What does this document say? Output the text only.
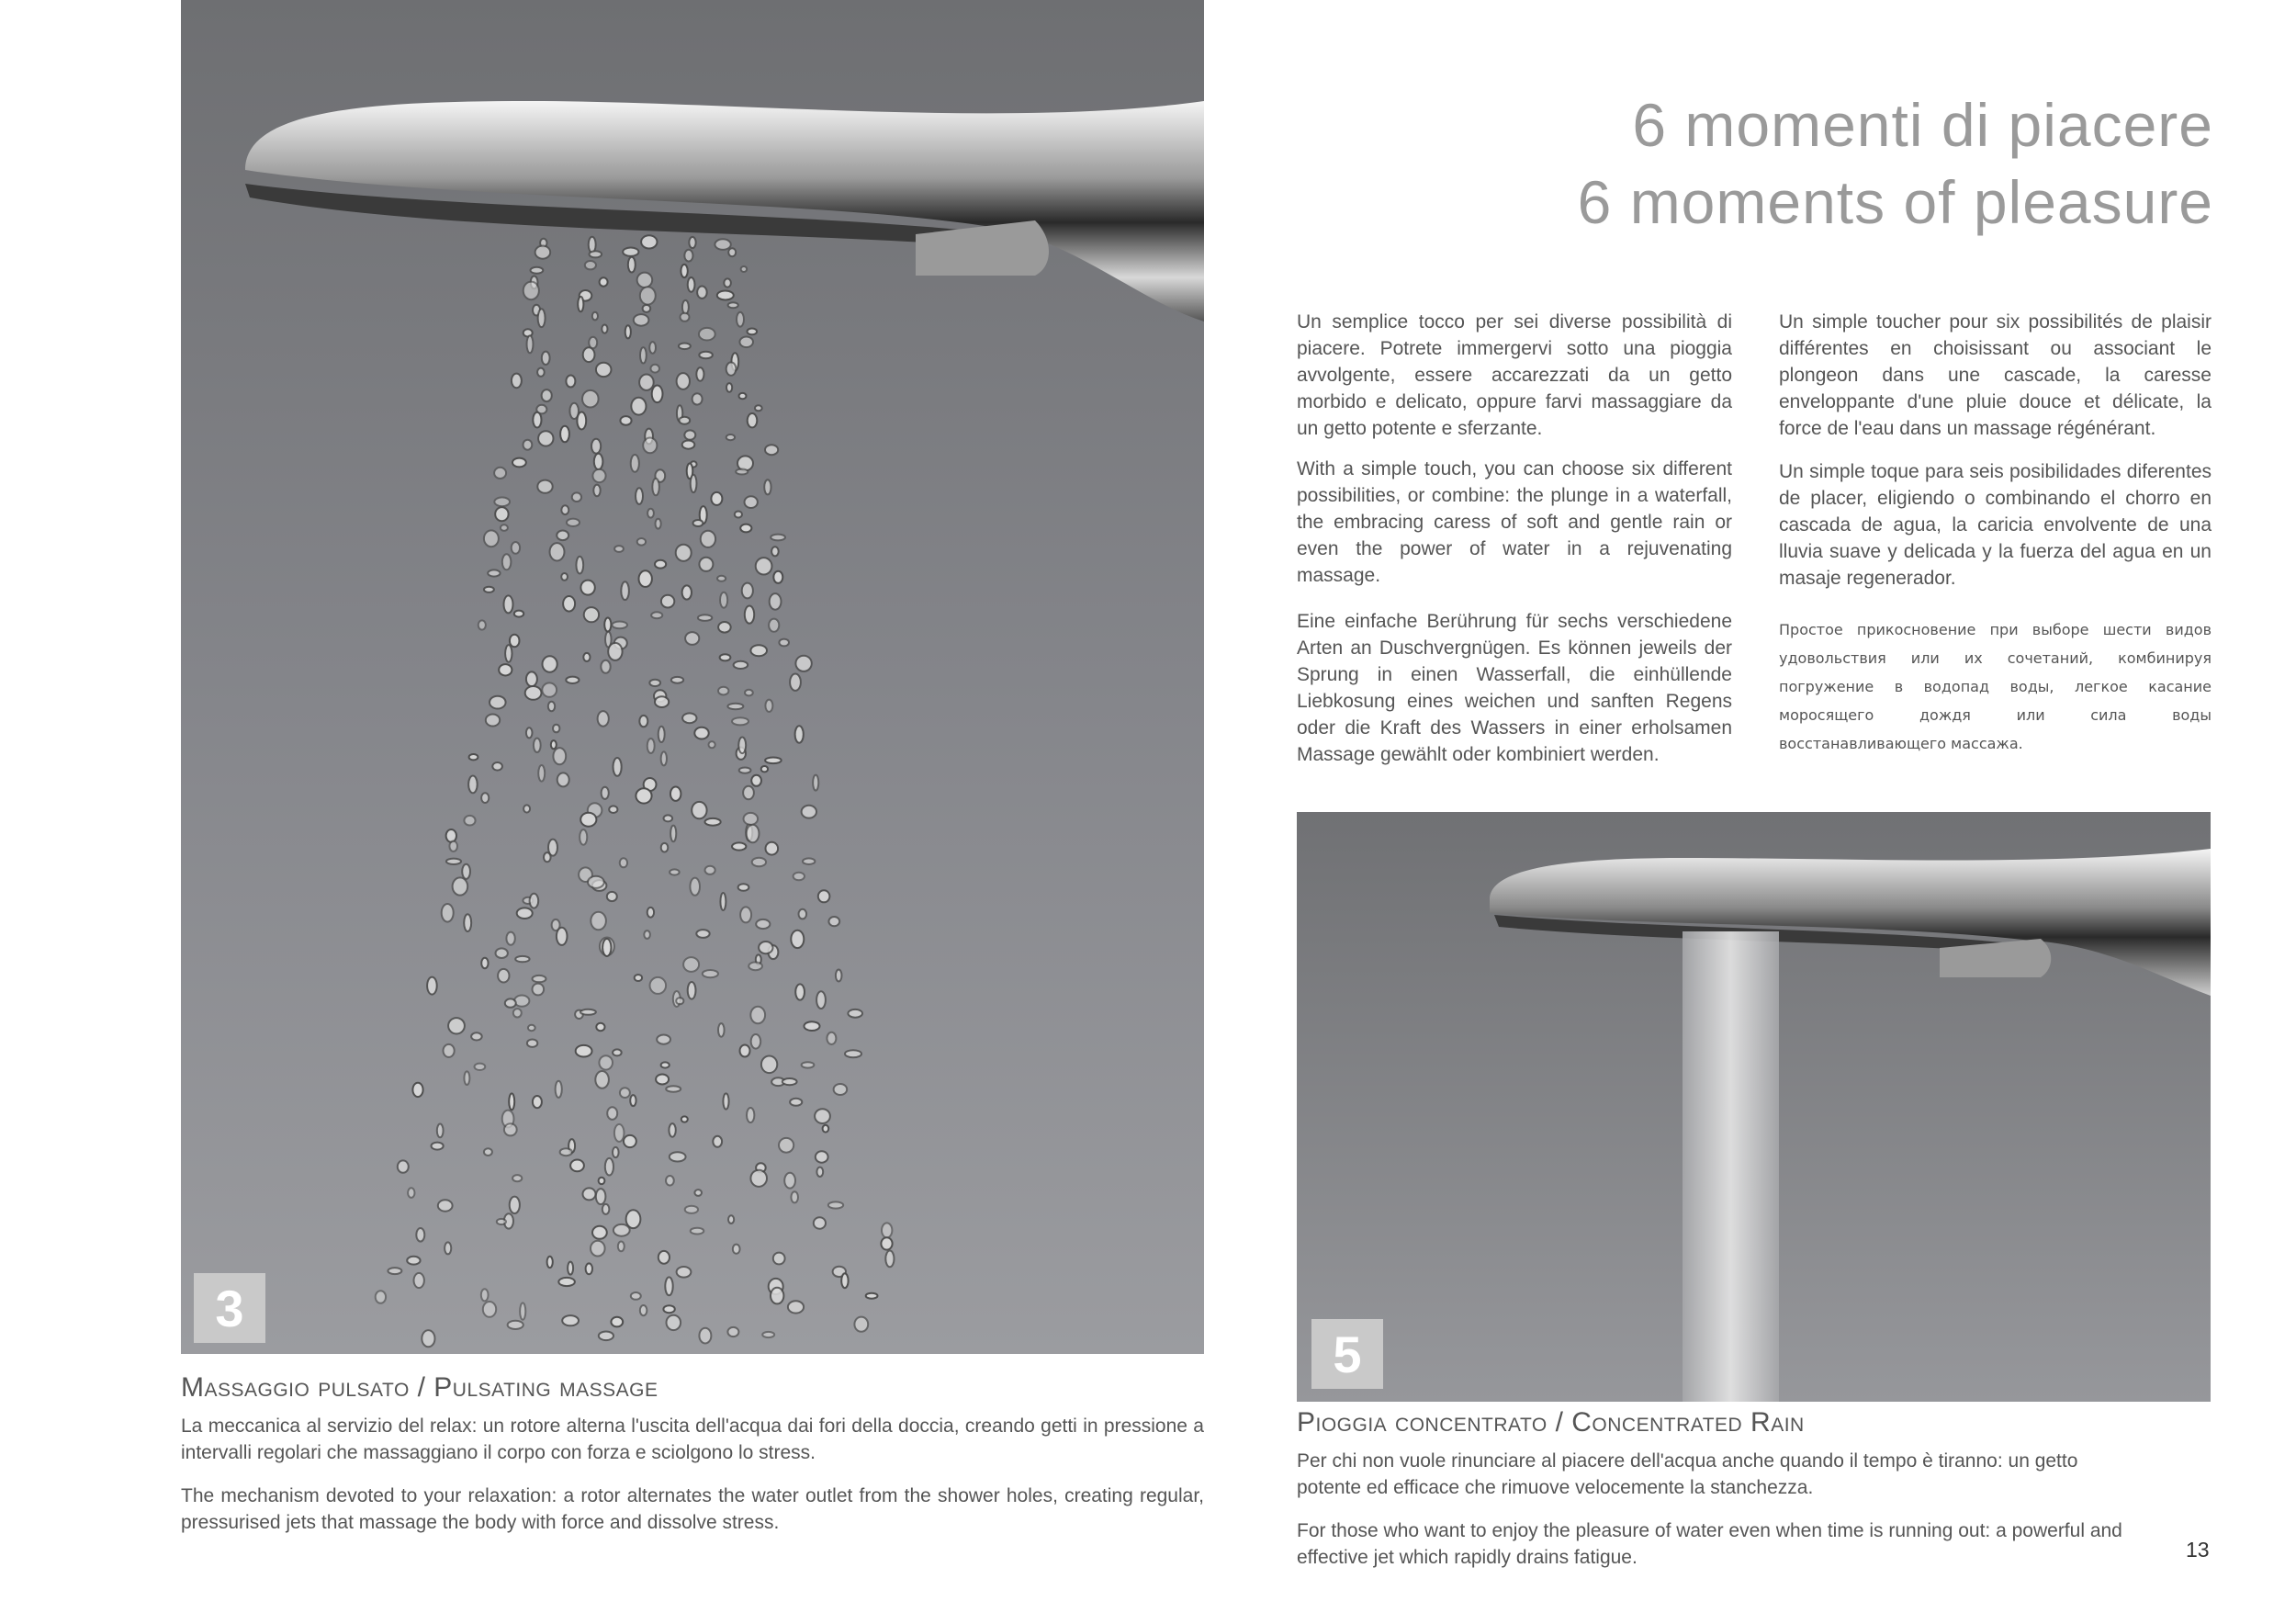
3
6 momenti di piacere
6 moments of pleasure

Un semplice tocco per sei diverse possibilità di piacere. Potrete immergervi sotto una pioggia avvolgente, essere accarezzati da un getto morbido e delicato, oppure farvi massaggiare da un getto potente e sferzante.

With a simple touch, you can choose six different possibilities, or combine: the plunge in a waterfall, the embracing caress of soft and gentle rain or even the power of water in a rejuvenating massage.

Eine einfache Berührung für sechs verschiedene Arten an Duschvergnügen. Es können jeweils der Sprung in einen Wasserfall, die einhüllende Liebkosung eines weichen und sanften Regens oder die Kraft des Wassers in einer erholsamen Massage gewählt oder kombiniert werden.

Un simple toucher pour six possibilités de plaisir différentes en choisissant ou associant le plongeon dans une cascade, la caresse enveloppante d'une pluie douce et délicate, la force de l'eau dans un massage régénérant.

Un simple toque para seis posibilidades diferentes de placer, eligiendo o combinando el chorro en cascada de agua, la caricia envolvente de una lluvia suave y delicada y la fuerza del agua en un masaje regenerador.

Простое прикосновение при выборе шести видов удовольствия или их сочетаний, комбинируя погружение в водопад воды, легкое касание моросящего дождя или сила воды восстанавливающего массажа.

5
Massaggio pulsato / Pulsating massage

La meccanica al servizio del relax: un rotore alterna l'uscita dell'acqua dai fori della doccia, creando getti in pressione a intervalli regolari che massaggiano il corpo con forza e sciolgono lo stress.

The mechanism devoted to your relaxation: a rotor alternates the water outlet from the shower holes, creating regular, pressurised jets that massage the body with force and dissolve stress.

Pioggia concentrato / Concentrated Rain

Per chi non vuole rinunciare al piacere dell'acqua anche quando il tempo è tiranno: un getto potente ed efficace che rimuove velocemente la stanchezza.

For those who want to enjoy the pleasure of water even when time is running out: a powerful and effective jet which rapidly drains fatigue.	13
